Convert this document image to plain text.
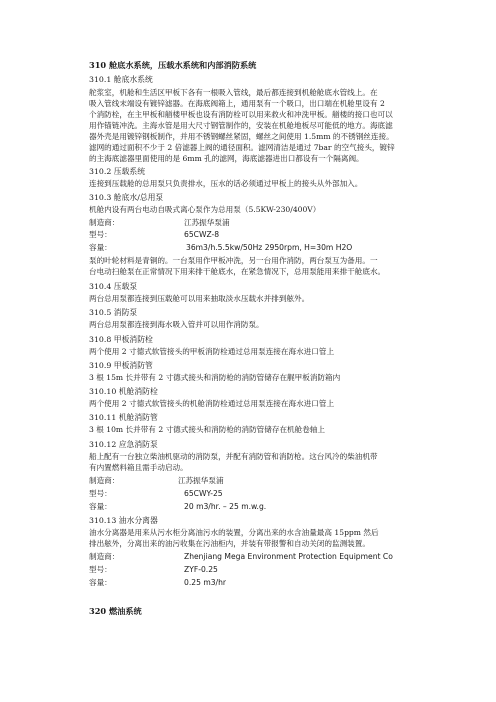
310 舱底水系统，压载水系统和内部消防系统
310.1 舱底水系统
舵浆室，机舱和生活区甲板下各有一根吸入管线，最后都连接到机舱舱底水管线上。在
吸入管线末端设有镀锌滤器。在海底阀箱上，通用泵有一个吸口，出口端在机舱里设有 2
个消防栓，在主甲板和艏楼甲板也设有消防栓可以用来救火和冲洗甲板。艏楼的接口也可以
用作锚链冲洗。主海水管是用大尺寸钢管制作的，安装在机舱地板尽可能低的地方。海底滤
器外壳是用镀锌钢板制作，并用不锈钢螺丝紧固，螺丝之间使用 1.5mm 的不锈钢丝连接。
滤网的通过面积不少于 2 倍滤器上阀的通径面积。滤网清洁是通过 7bar 的空气接头，镀锌
的主海底滤器里面使用的是 6mm 孔的滤网，海底滤器进出口都设有一个隔离阀。
310.2 压载系统
连接到压载舱的总用泵只负责排水，压水的话必须通过甲板上的接头从外部加入。
310.3 舱底水/总用泵
机舱内设有两台电动自吸式离心泵作为总用泵（5.5KW-230/400V）
制造商：	江苏振华泵浦
型号：	65CWZ-8
容量：	36m3/h.5.5kw/50Hz 2950rpm, H=30m H2O
泵的叶轮材料是青铜的。一台泵用作甲板冲洗，另一台用作消防，两台泵互为备用。一
台电动扫舱泵在正常情况下用来排干舱底水，在紧急情况下，总用泵能用来排干舱底水。
310.4 压载泵
两台总用泵都连接到压载舱可以用来抽取淡水压载水并排到舷外。
310.5 消防泵
两台总用泵都连接到海水吸入管并可以用作消防泵。
310.8 甲板消防栓
两个使用 2 寸德式软管接头的甲板消防栓通过总用泵连接在海水进口管上
310.9 甲板消防管
3 根 15m 长并带有 2 寸德式接头和消防枪的消防管储存在艉甲板消防箱内
310.10 机舱消防栓
两个使用 2 寸德式软管接头的机舱消防栓通过总用泵连接在海水进口管上
310.11 机舱消防管
3 根 10m 长并带有 2 寸德式接头和消防枪的消防管储存在机舱卷轴上
310.12 应急消防泵
船上配有一台独立柴油机驱动的消防泵，并配有消防管和消防枪。这台风冷的柴油机带
有内置燃料箱且需手动启动。
制造商：	江苏振华泵浦
型号：	65CWY-25
容量：	20 m3/hr. – 25 m.w.g.
310.13 油水分离器
油水分离器是用来从污水柜分离油污水的装置，分离出来的水含油量最高 15ppm 然后
排出舷外，分离出来的油污收集在污油柜内，并装有带报警和自动关闭的监测装置。
制造商：	Zhenjiang Mega Environment Protection Equipment Co
型号：	ZYF-0.25
容量：	0.25 m3/hr
320 燃油系统
